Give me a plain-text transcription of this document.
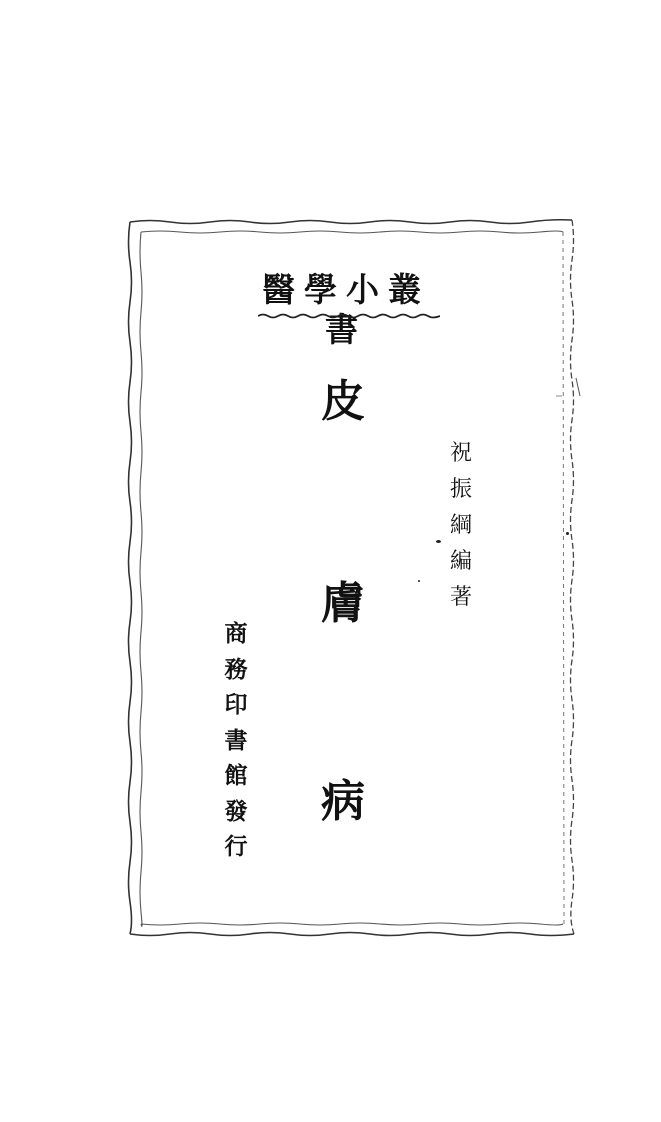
醫學小叢書
皮
膚
病
祝
振
綱
編
著
商
務
印
書
館
發
行
